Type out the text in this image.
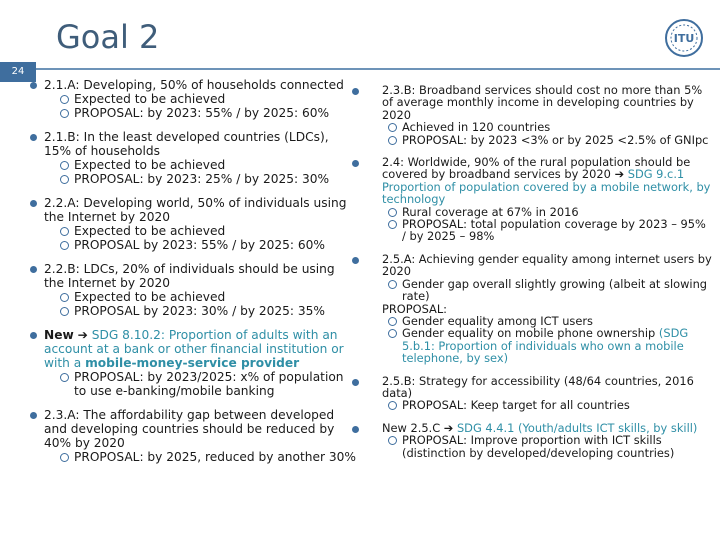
Goal 2	ITU
24
2.1.A: Developing, 50% of households connected
Expected to be achieved
PROPOSAL: by 2023: 55% / by 2025: 60%
2.1.B: In the least developed countries (LDCs), 15% of households
Expected to be achieved
PROPOSAL: by 2023: 25% / by 2025: 30%
2.2.A: Developing world, 50% of individuals using the Internet by 2020
Expected to be achieved
PROPOSAL by 2023: 55% / by 2025: 60%
2.2.B: LDCs, 20% of individuals should be using the Internet by 2020
Expected to be achieved
PROPOSAL by 2023: 30% / by 2025: 35%
New ➔ SDG 8.10.2: Proportion of adults with an account at a bank or other financial institution or with a mobile-money-service provider
PROPOSAL: by 2023/2025: x% of population to use e-banking/mobile banking
2.3.A: The affordability gap between developed and developing countries should be reduced by 40% by 2020
PROPOSAL: by 2025, reduced by another 30%
2.3.B: Broadband services should cost no more than 5% of average monthly income in developing countries by 2020
Achieved in 120 countries
PROPOSAL: by 2023 <3% or by 2025 <2.5% of GNIpc
2.4: Worldwide, 90% of the rural population should be covered by broadband services by 2020 ➔ SDG 9.c.1 Proportion of population covered by a mobile network, by technology
Rural coverage at 67% in 2016
PROPOSAL: total population coverage by 2023 – 95% / by 2025 – 98%
2.5.A: Achieving gender equality among internet users by 2020
Gender gap overall slightly growing (albeit at slowing rate)
PROPOSAL:
Gender equality among ICT users
Gender equality on mobile phone ownership (SDG 5.b.1: Proportion of individuals who own a mobile telephone, by sex)
2.5.B: Strategy for accessibility (48/64 countries, 2016 data)
PROPOSAL: Keep target for all countries
New 2.5.C ➔ SDG 4.4.1 (Youth/adults ICT skills, by skill)
PROPOSAL: Improve proportion with ICT skills (distinction by developed/developing countries)
